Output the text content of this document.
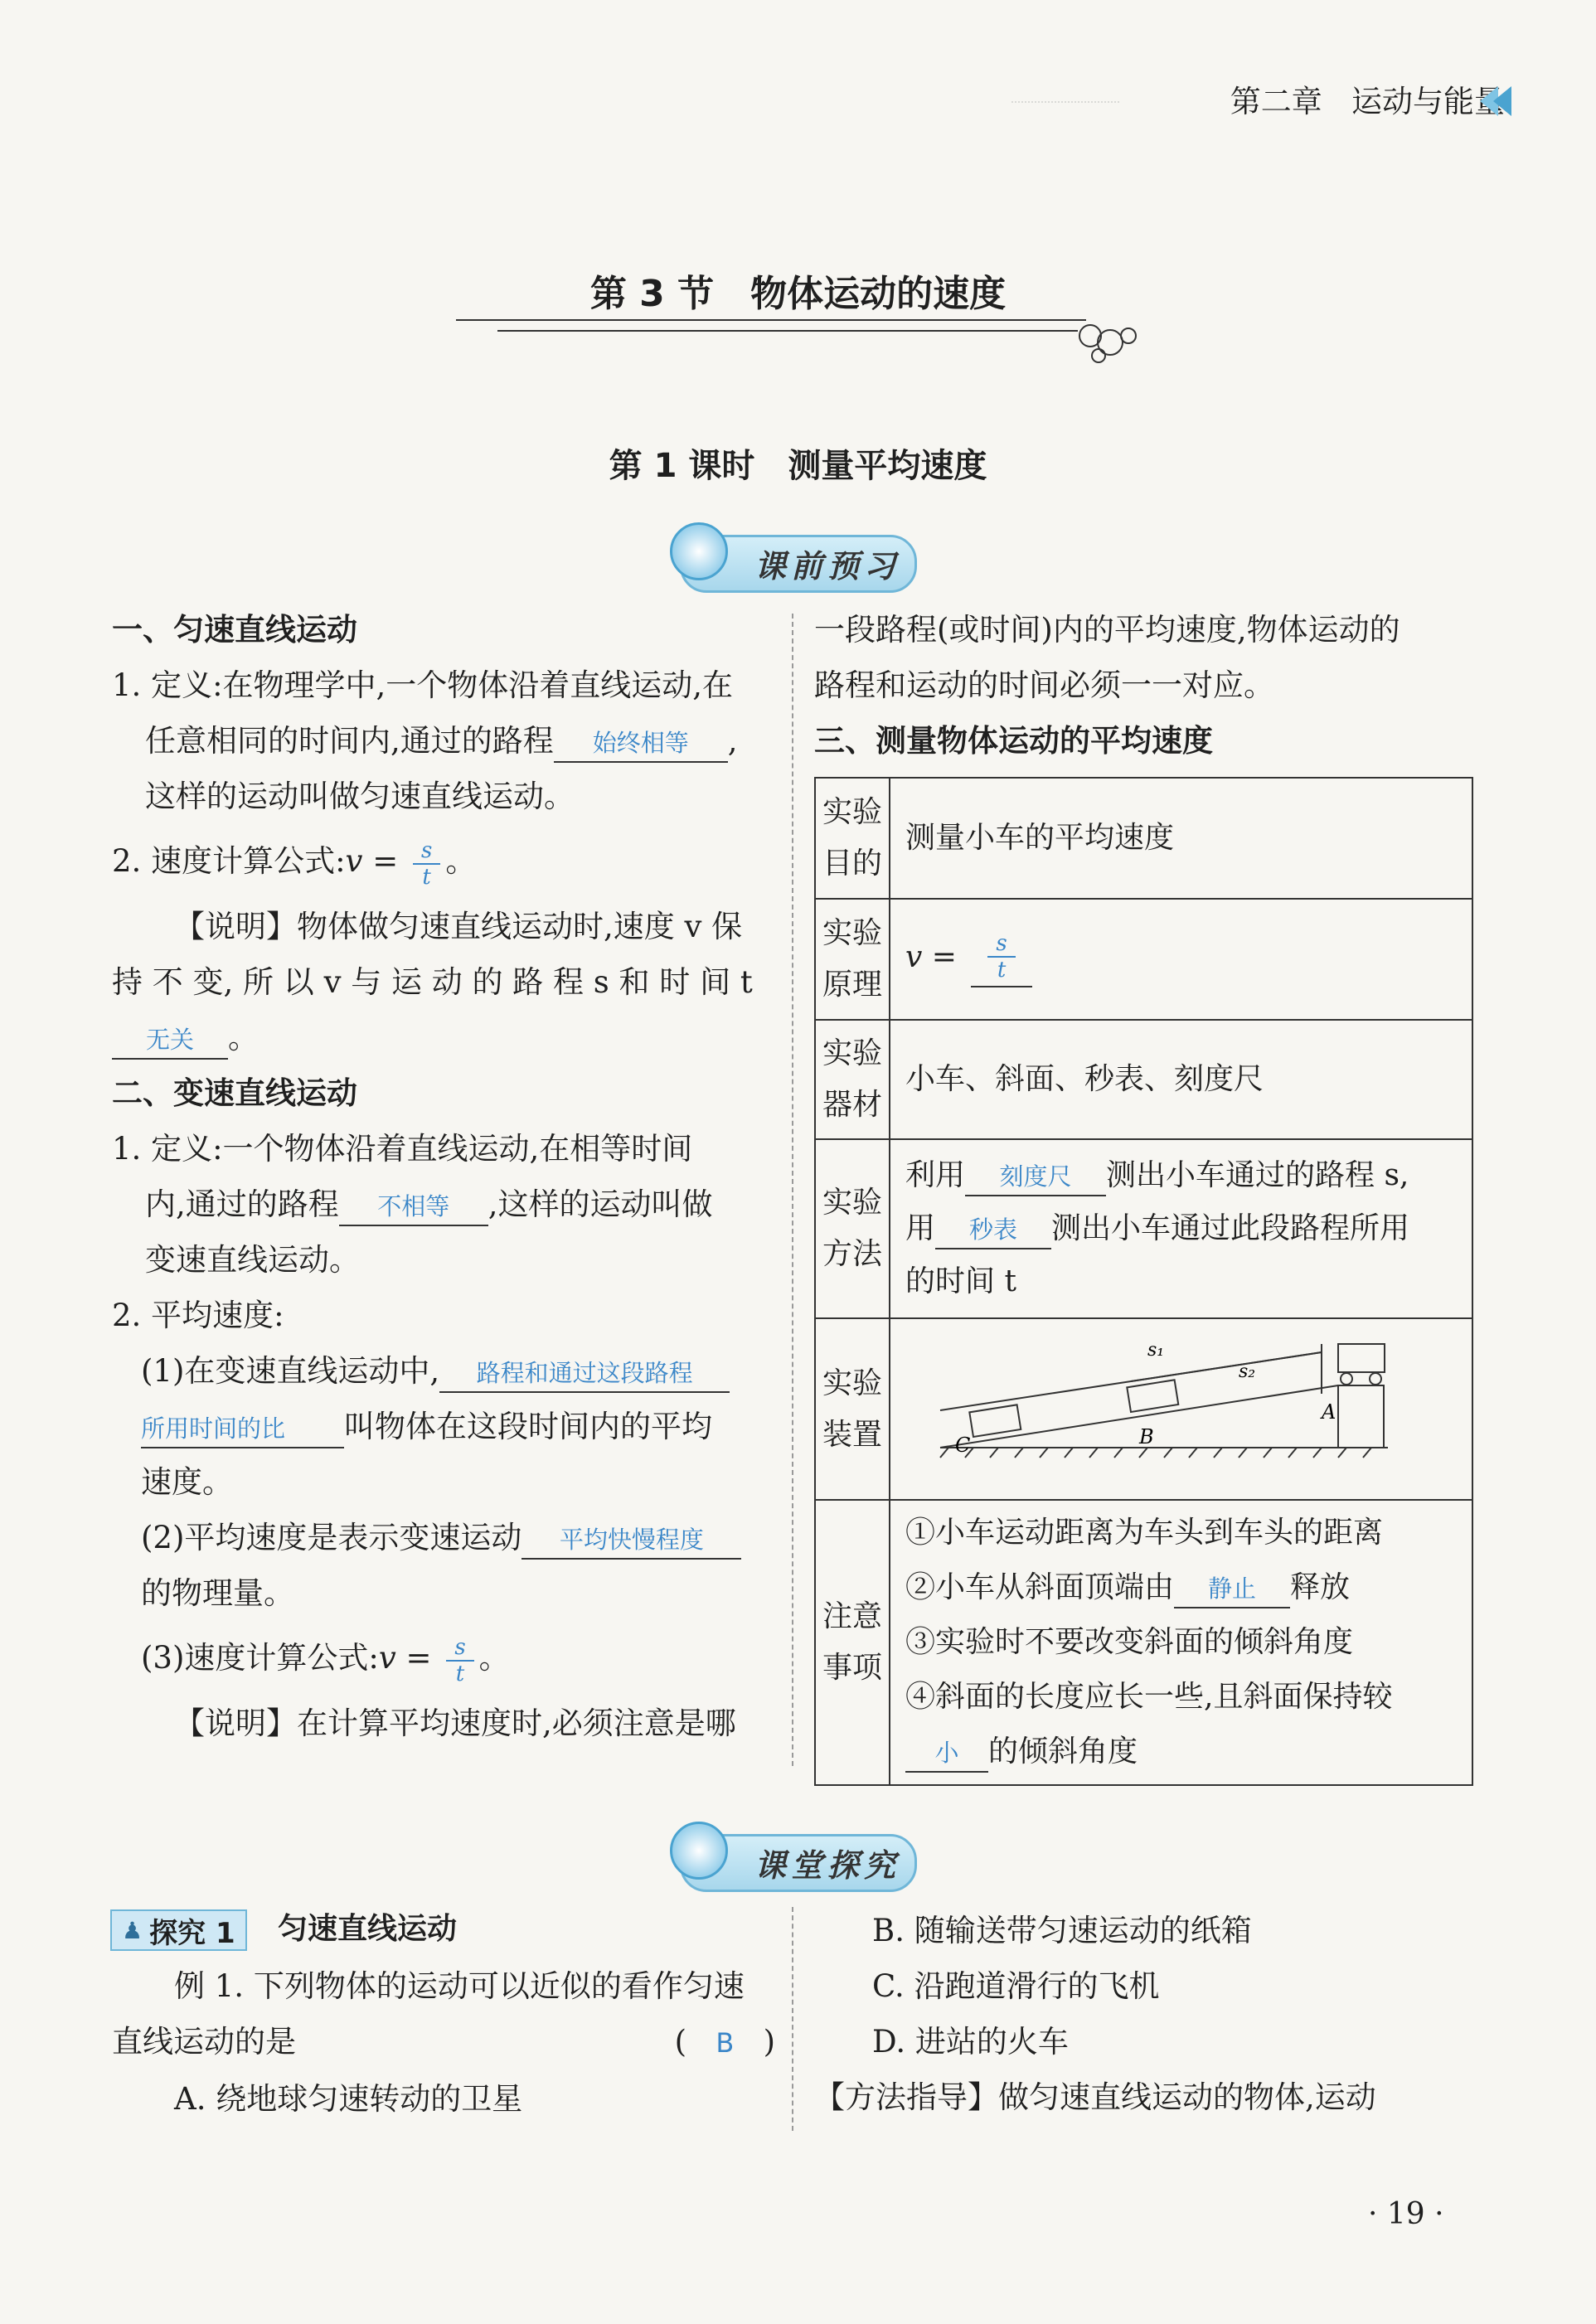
第二章 运动与能量
第 3 节　物体运动的速度
第 1 课时　测量平均速度
课前预习
一、匀速直线运动
1. 定义:在物理学中,一个物体沿着直线运动,在
任意相同的时间内,通过的路程 始终相等 ,
这样的运动叫做匀速直线运动。
2. 速度计算公式:v = $\frac{s}{t}$ 。
【说明】物体做匀速直线运动时,速度 v 保
持 不 变, 所 以 v 与 运 动 的 路 程 s 和 时 间 t
无关 。
二、变速直线运动
1. 定义:一个物体沿着直线运动,在相等时间
内,通过的路程 不相等 ,这样的运动叫做
变速直线运动。
2. 平均速度:
(1)在变速直线运动中, 路程和通过这段路程
所用时间的比 叫物体在这段时间内的平均
速度。
(2)平均速度是表示变速运动 平均快慢程度
的物理量。
(3)速度计算公式:v = $\frac{s}{t}$ 。
【说明】在计算平均速度时,必须注意是哪
一段路程(或时间)内的平均速度,物体运动的
路程和运动的时间必须一一对应。
三、测量物体运动的平均速度
实验目的	测量小车的平均速度
实验原理	$v = \frac{s}{t}$

实验器材	小车、斜面、秒表、刻度尺
实验方法	利用 刻度尺 测出小车通过的路程 s,
用 秒表 测出小车通过此段路程所用
的时间 t

实验装置	s₁
s₂
A
B
C

注意事项	①小车运动距离为车头到车头的距离
②小车从斜面顶端由 静止 释放
③实验时不要改变斜面的倾斜角度
④斜面的长度应长一些,且斜面保持较
小 的倾斜角度
课堂探究
♟ 探究 1 匀速直线运动
例 1. 下列物体的运动可以近似的看作匀速
直线运动的是	( B )
A. 绕地球匀速转动的卫星
B. 随输送带匀速运动的纸箱
C. 沿跑道滑行的飞机
D. 进站的火车
【方法指导】做匀速直线运动的物体,运动
· 19 ·
